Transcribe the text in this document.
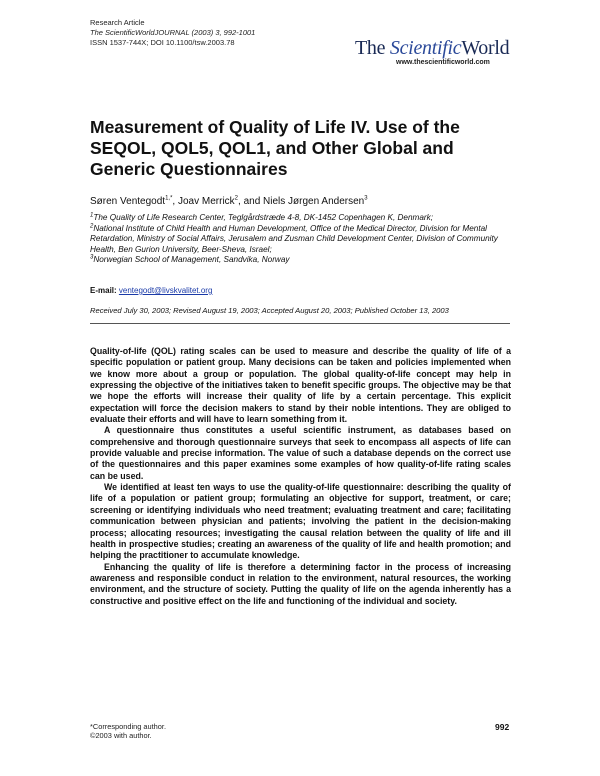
Research Article
The ScientificWorldJOURNAL (2003) 3, 992-1001
ISSN 1537-744X; DOI 10.1100/tsw.2003.78	The ScientificWorld
www.thescientificworld.com
Measurement of Quality of Life IV. Use of the SEQOL, QOL5, QOL1, and Other Global and Generic Questionnaires
Søren Ventegodt$^{1,*}$, Joav Merrick$^2$, and Niels Jørgen Andersen$^3$
$^1$The Quality of Life Research Center, Teglgårdstræde 4-8, DK-1452 Copenhagen K, Denmark;
$^2$National Institute of Child Health and Human Development, Office of the Medical Director, Division for Mental Retardation, Ministry of Social Affairs, Jerusalem and Zusman Child Development Center, Division of Community Health, Ben Gurion University, Beer-Sheva, Israel;
$^3$Norwegian School of Management, Sandvika, Norway
E-mail: ventegodt@livskvalitet.org
Received July 30, 2003; Revised August 19, 2003; Accepted August 20, 2003; Published October 13, 2003

Quality-of-life (QOL) rating scales can be used to measure and describe the quality of life of a specific population or patient group. Many decisions can be taken and policies implemented when we know more about a group or population. The global quality-of-life concept may help in expressing the objective of the initiatives taken to benefit specific groups. The objective may be that we hope the efforts will increase their quality of life by a certain percentage. This explicit expectation will force the decision makers to stand by their noble intentions. They are obliged to evaluate their efforts and will have to learn something from it.

A questionnaire thus constitutes a useful scientific instrument, as databases based on comprehensive and thorough questionnaire surveys that seek to encompass all aspects of life can provide valuable and precise information. The value of such a database depends on the correct use of the questionnaires and this paper examines some examples of how quality-of-life rating scales can be used.

We identified at least ten ways to use the quality-of-life questionnaire: describing the quality of life of a population or patient group; formulating an objective for support, treatment, or care; screening or identifying individuals who need treatment; evaluating treatment and care; facilitating communication between physician and patients; involving the patient in the decision-making process; allocating resources; investigating the causal relation between the quality of life and ill health in prospective studies; creating an awareness of the quality of life and health promotion; and helping the practitioner to accumulate knowledge.

Enhancing the quality of life is therefore a determining factor in the process of increasing awareness and responsible conduct in relation to the environment, natural resources, the working environment, and the structure of society. Putting the quality of life on the agenda inherently has a constructive and positive effect on the life and functioning of the individual and society.

*Corresponding author.
©2003 with author.
992
